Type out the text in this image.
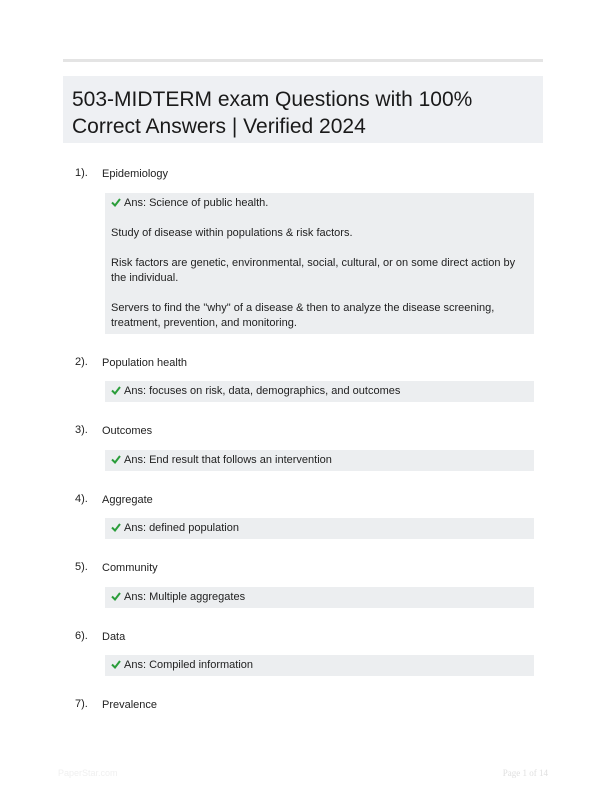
503-MIDTERM exam Questions with 100% Correct Answers | Verified 2024
1). Epidemiology

Ans: Science of public health.

Study of disease within populations & risk factors.

Risk factors are genetic, environmental, social, cultural, or on some direct action by the individual.

Servers to find the "why" of a disease & then to analyze the disease screening, treatment, prevention, and monitoring.

2). Population health

Ans: focuses on risk, data, demographics, and outcomes

3). Outcomes

Ans: End result that follows an intervention

4). Aggregate

Ans: defined population

5). Community

Ans: Multiple aggregates

6). Data

Ans: Compiled information

7). Prevalence
PaperStar.com	Page 1 of 14
